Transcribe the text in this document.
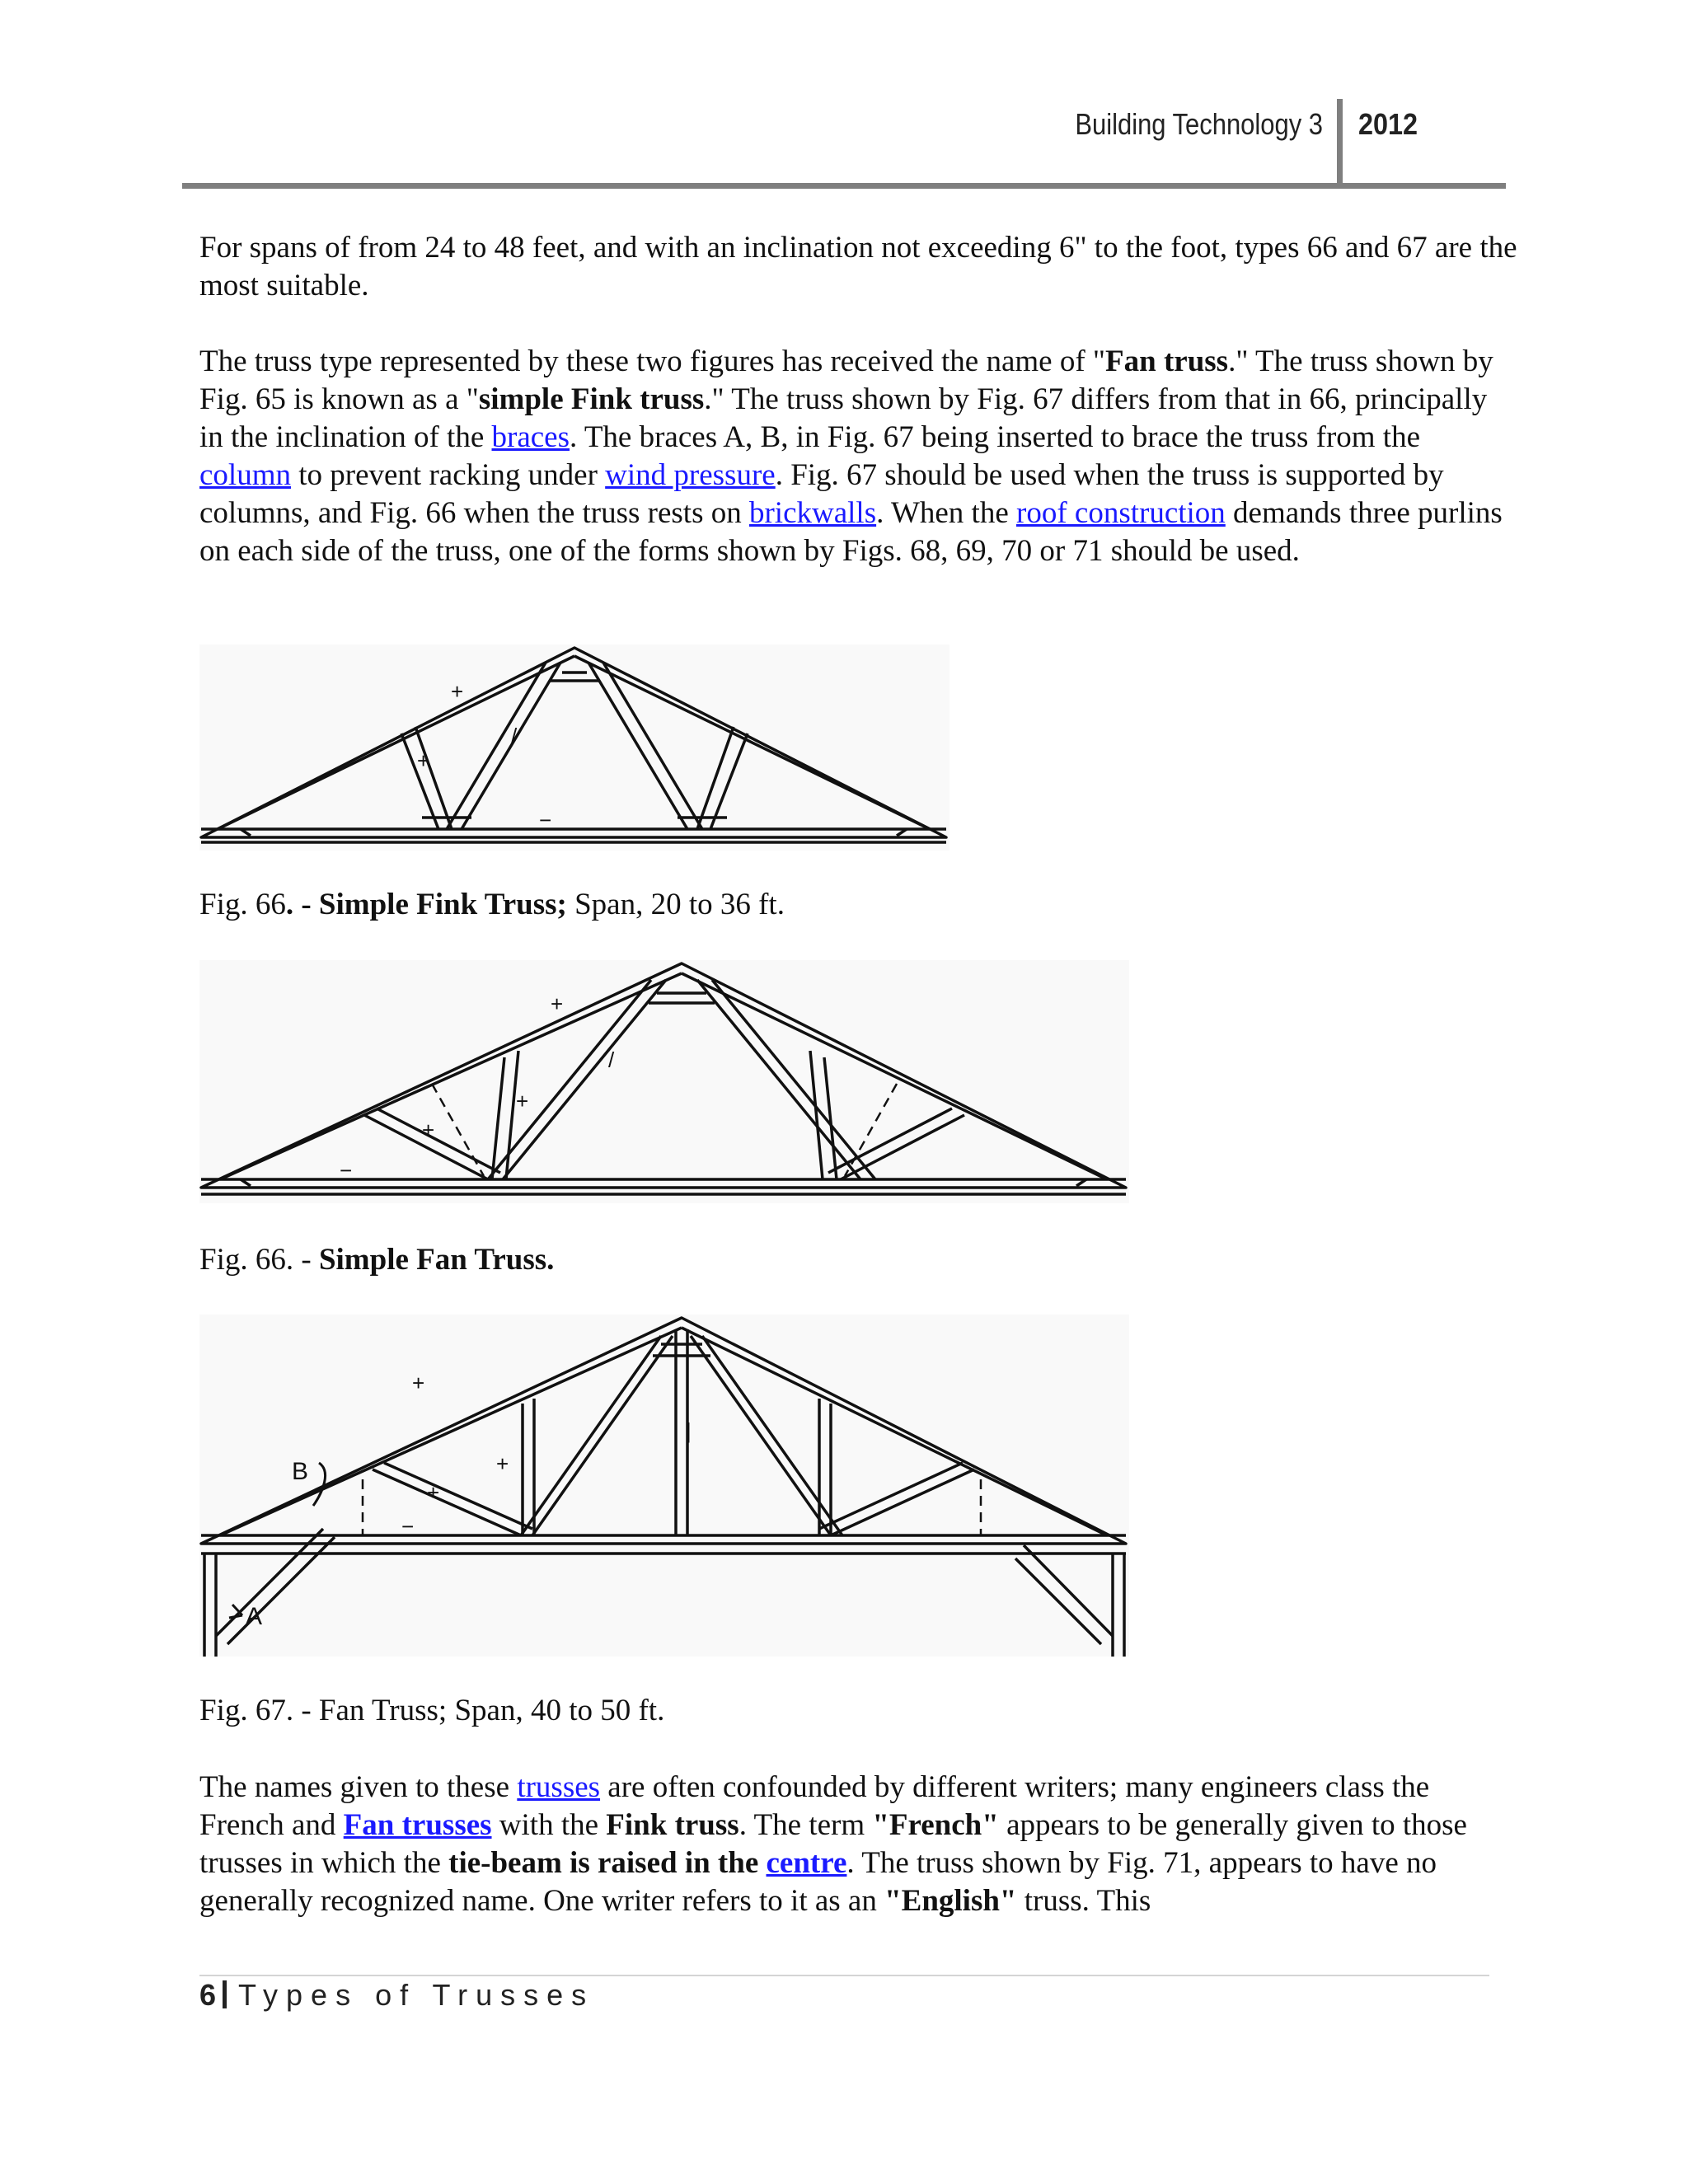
Building Technology 3 2012

For spans of from 24 to 48 feet, and with an inclination not exceeding 6" to the foot, types 66 and 67 are the most suitable.

The truss type represented by these two figures has received the name of "Fan truss." The truss shown by Fig. 65 is known as a "simple Fink truss." The truss shown by Fig. 67 differs from that in 66, principally in the inclination of the braces. The braces A, B, in Fig. 67 being inserted to brace the truss from the column to prevent racking under wind pressure. Fig. 67 should be used when the truss is supported by columns, and Fig. 66 when the truss rests on brickwalls. When the roof construction demands three purlins on each side of the truss, one of the forms shown by Figs. 68, 69, 70 or 71 should be used.

+
+
/
−

Fig. 66. - Simple Fink Truss; Span, 20 to 36 ft.

+
/
+
+
−

Fig. 66. - Simple Fan Truss.

B
A
+
+
+
|
−

Fig. 67. - Fan Truss; Span, 40 to 50 ft.

The names given to these trusses are often confounded by different writers; many engineers class the French and Fan trusses with the Fink truss. The term "French" appears to be generally given to those trusses in which the tie-beam is raised in the centre. The truss shown by Fig. 71, appears to have no generally recognized name. One writer refers to it as an "English" truss. This

6 Types of Trusses
